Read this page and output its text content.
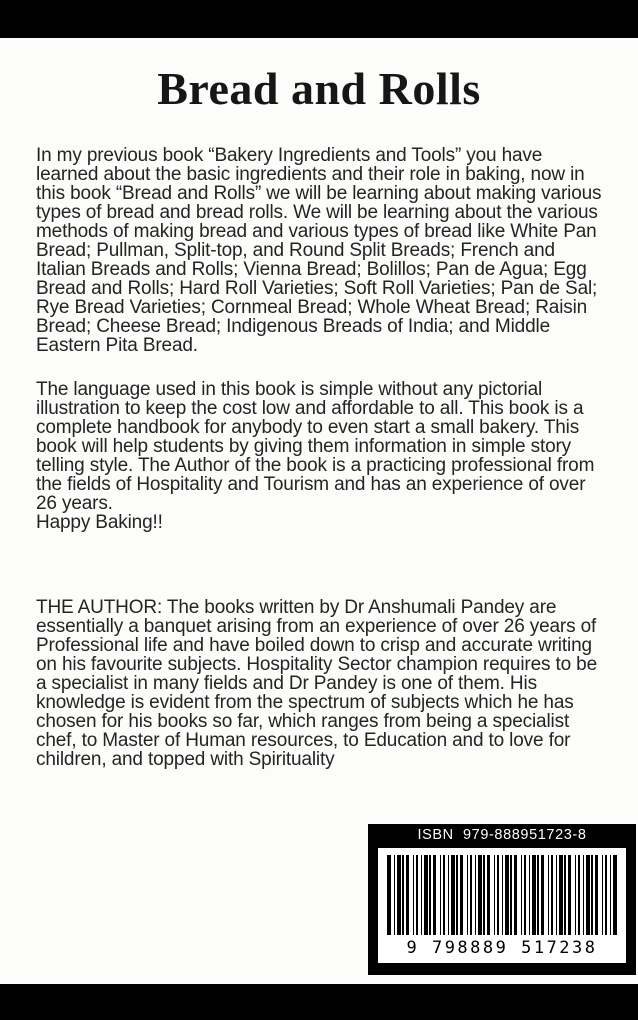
Bread and Rolls

In my previous book “Bakery Ingredients and Tools” you have learned about the basic ingredients and their role in baking, now in this book “Bread and Rolls” we will be learning about making various types of bread and bread rolls. We will be learning about the various methods of making bread and various types of bread like White Pan Bread; Pullman, Split-top, and Round Split Breads; French and Italian Breads and Rolls; Vienna Bread; Bolillos; Pan de Agua; Egg Bread and Rolls; Hard Roll Varieties; Soft Roll Varieties; Pan de Sal; Rye Bread Varieties; Cornmeal Bread; Whole Wheat Bread; Raisin Bread; Cheese Bread; Indigenous Breads of India; and Middle Eastern Pita Bread.

The language used in this book is simple without any pictorial illustration to keep the cost low and affordable to all. This book is a complete handbook for anybody to even start a small bakery. This book will help students by giving them information in simple story telling style. The Author of the book is a practicing professional from the fields of Hospitality and Tourism and has an experience of over 26 years.
Happy Baking!!

THE AUTHOR: The books written by Dr Anshumali Pandey are essentially a banquet arising from an experience of over 26 years of Professional life and have boiled down to crisp and accurate writing on his favourite subjects. Hospitality Sector champion requires to be a specialist in many fields and Dr Pandey is one of them. His knowledge is evident from the spectrum of subjects which he has chosen for his books so far, which ranges from being a specialist chef, to Master of Human resources, to Education and to love for children, and topped with Spirituality

ISBN  979-888951723-8
9 798889 517238
